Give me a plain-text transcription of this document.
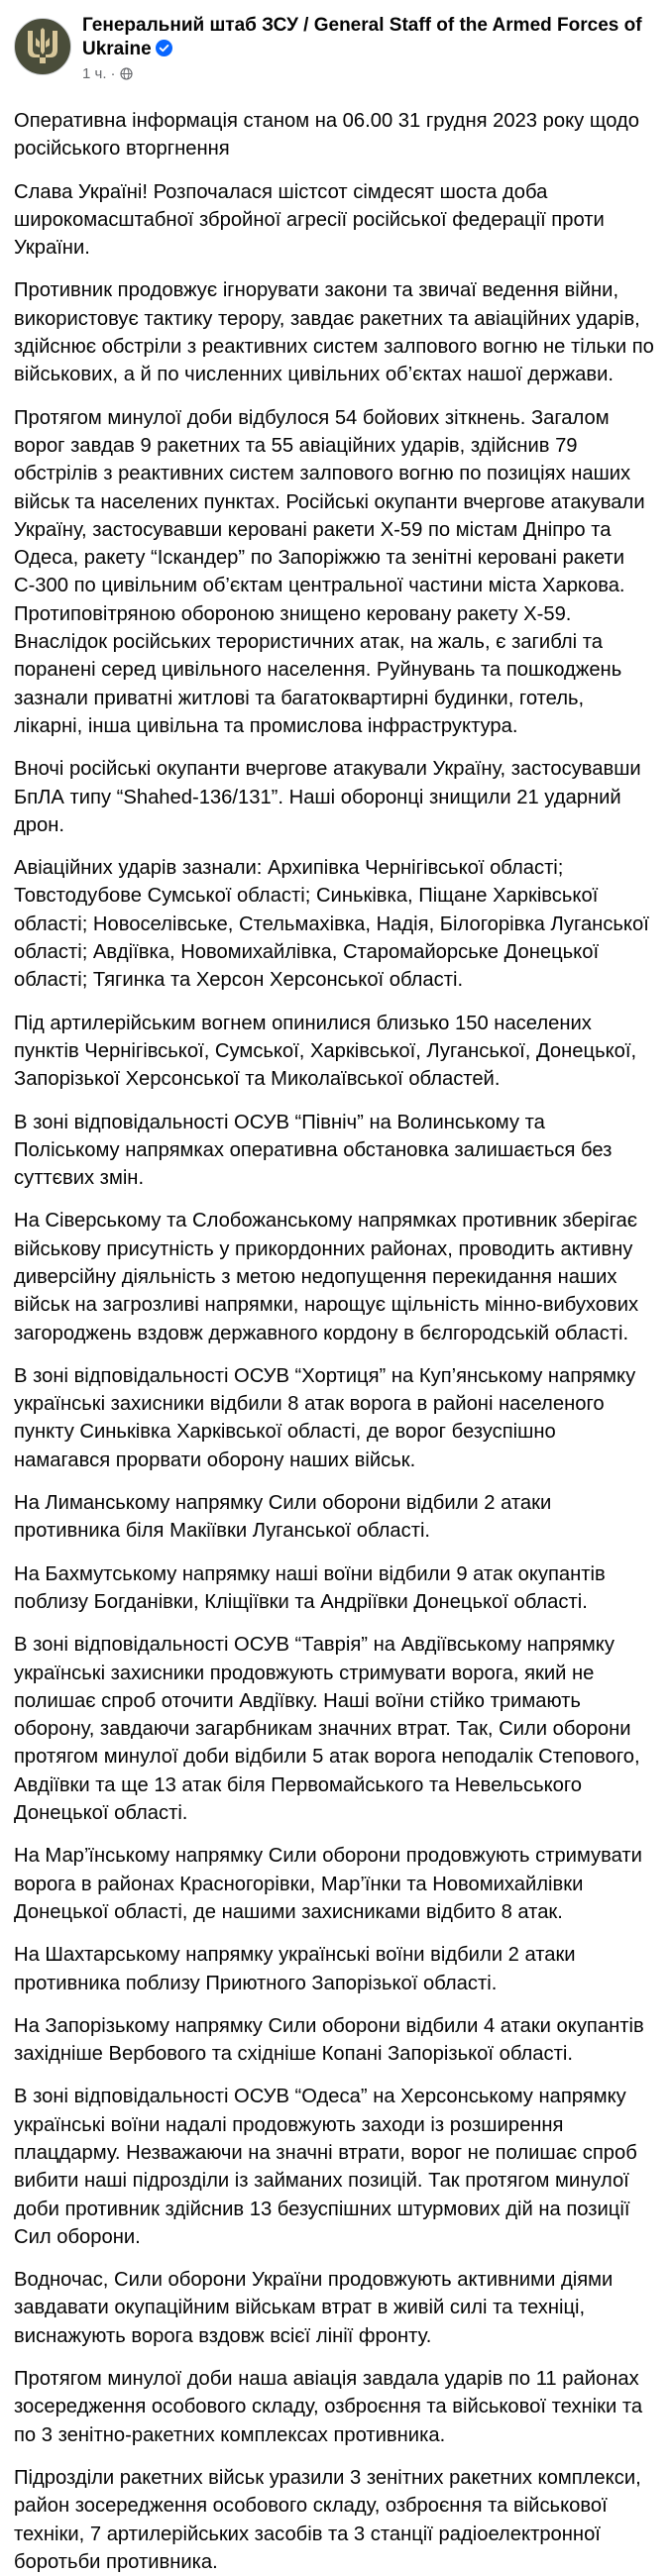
Генеральний штаб ЗСУ / General Staff of the Armed Forces of Ukraine
1 ч. ·

Оперативна інформація станом на 06.00 31 грудня 2023 року щодо російського вторгнення

Слава Україні! Розпочалася шістсот сімдесят шоста доба широкомасштабної збройної агресії російської федерації проти України.

Противник продовжує ігнорувати закони та звичаї ведення війни, використовує тактику терору, завдає ракетних та авіаційних ударів, здійснює обстріли з реактивних систем залпового вогню не тільки по військових, а й по численних цивільних об’єктах нашої держави.

Протягом минулої доби відбулося 54 бойових зіткнень. Загалом ворог завдав 9 ракетних та 55 авіаційних ударів, здійснив 79 обстрілів з реактивних систем залпового вогню по позиціях наших військ та населених пунктах. Російські окупанти вчергове атакували Україну, застосувавши керовані ракети Х-59 по містам Дніпро та Одеса, ракету “Іскандер” по Запоріжжю та зенітні керовані ракети С-300 по цивільним об’єктам центральної частини міста Харкова. Протиповітряною обороною знищено керовану ракету Х-59. Внаслідок російських терористичних атак, на жаль, є загиблі та поранені серед цивільного населення. Руйнувань та пошкоджень зазнали приватні житлові та багатоквартирні будинки, готель, лікарні, інша цивільна та промислова інфраструктура.

Вночі російські окупанти вчергове атакували Україну, застосувавши БпЛА типу “Shahed-136/131”. Наші оборонці знищили 21 ударний дрон.

Авіаційних ударів зазнали: Архипівка Чернігівської області; Товстодубове Сумської області; Синьківка, Піщане Харківської області; Новоселівське, Стельмахівка, Надія, Білогорівка Луганської області; Авдіївка, Новомихайлівка, Старомайорське Донецької області; Тягинка та Херсон Херсонської області.

Під артилерійським вогнем опинилися близько 150 населених пунктів Чернігівської, Сумської, Харківської, Луганської, Донецької, Запорізької Херсонської та Миколаївської областей.

В зоні відповідальності ОСУВ “Північ” на Волинському та Поліському напрямках оперативна обстановка залишається без суттєвих змін.

На Сіверському та Слобожанському напрямках противник зберігає військову присутність у прикордонних районах, проводить активну диверсійну діяльність з метою недопущення перекидання наших військ на загрозливі напрямки, нарощує щільність мінно-вибухових загороджень вздовж державного кордону в бєлгородській області.

В зоні відповідальності ОСУВ “Хортиця” на Куп’янському напрямку українські захисники відбили 8 атак ворога в районі населеного пункту Синьківка Харківської області, де ворог безуспішно намагався прорвати оборону наших військ.

На Лиманському напрямку Сили оборони відбили 2 атаки противника біля Макіївки Луганської області.

На Бахмутському напрямку наші воїни відбили 9 атак окупантів поблизу Богданівки, Кліщіївки та Андріївки Донецької області.

В зоні відповідальності ОСУВ “Таврія” на Авдіївському напрямку українські захисники продовжують стримувати ворога, який не полишає спроб оточити Авдіївку. Наші воїни стійко тримають оборону, завдаючи загарбникам значних втрат. Так, Сили оборони протягом минулої доби відбили 5 атак ворога неподалік Степового, Авдіївки та ще 13 атак біля Первомайського та Невельського Донецької області.

На Мар’їнському напрямку Сили оборони продовжують стримувати ворога в районах Красногорівки, Мар’їнки та Новомихайлівки Донецької області, де нашими захисниками відбито 8 атак.

На Шахтарському напрямку українські воїни відбили 2 атаки противника поблизу Приютного Запорізької області.

На Запорізькому напрямку Сили оборони відбили 4 атаки окупантів західніше Вербового та східніше Копані Запорізької області.

В зоні відповідальності ОСУВ “Одеса” на Херсонському напрямку українські воїни надалі продовжують заходи із розширення плацдарму. Незважаючи на значні втрати, ворог не полишає спроб вибити наші підрозділи із займаних позицій. Так протягом минулої доби противник здійснив 13 безуспішних штурмових дій на позиції Сил оборони.

Водночас, Сили оборони України продовжують активними діями завдавати окупаційним військам втрат в живій силі та техніці, виснажують ворога вздовж всієї лінії фронту.

Протягом минулої доби наша авіація завдала ударів по 11 районах зосередження особового складу, озброєння та військової техніки та по 3 зенітно-ракетних комплексах противника.

Підрозділи ракетних військ уразили 3 зенітних ракетних комплекси, район зосередження особового складу, озброєння та військової техніки, 7 артилерійських засобів та 3 станції радіоелектронної боротьби противника.
